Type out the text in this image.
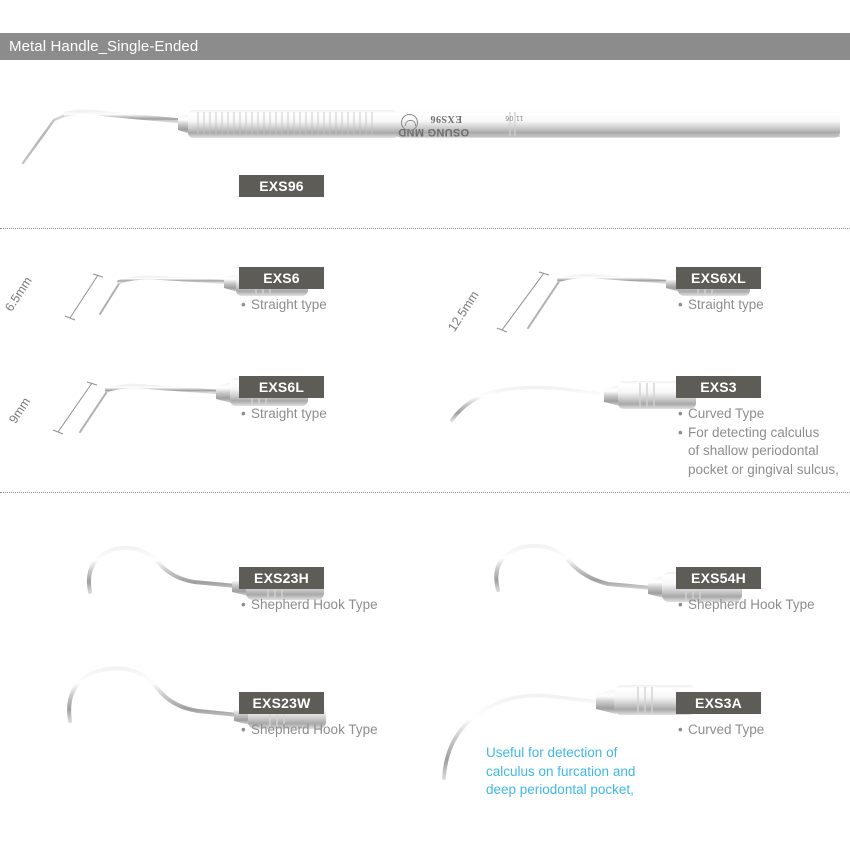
Metal Handle_Single-Ended
EXS96
OSUNG MND
11 06
EXS96
6.5mm	EXS6
• Straight type	12.5mm
EXS6XL
• Straight type
9mm
EXS6L
• Straight type
EXS3
• Curved Type
• For detecting calculus
of shallow periodontal
pocket or gingival sulcus,
EXS23H
• Shepherd Hook Type
EXS54H
• Shepherd Hook Type
EXS23W
• Shepherd Hook Type
EXS3A
• Curved Type
Useful for detection of
calculus on furcation and
deep periodontal pocket,
